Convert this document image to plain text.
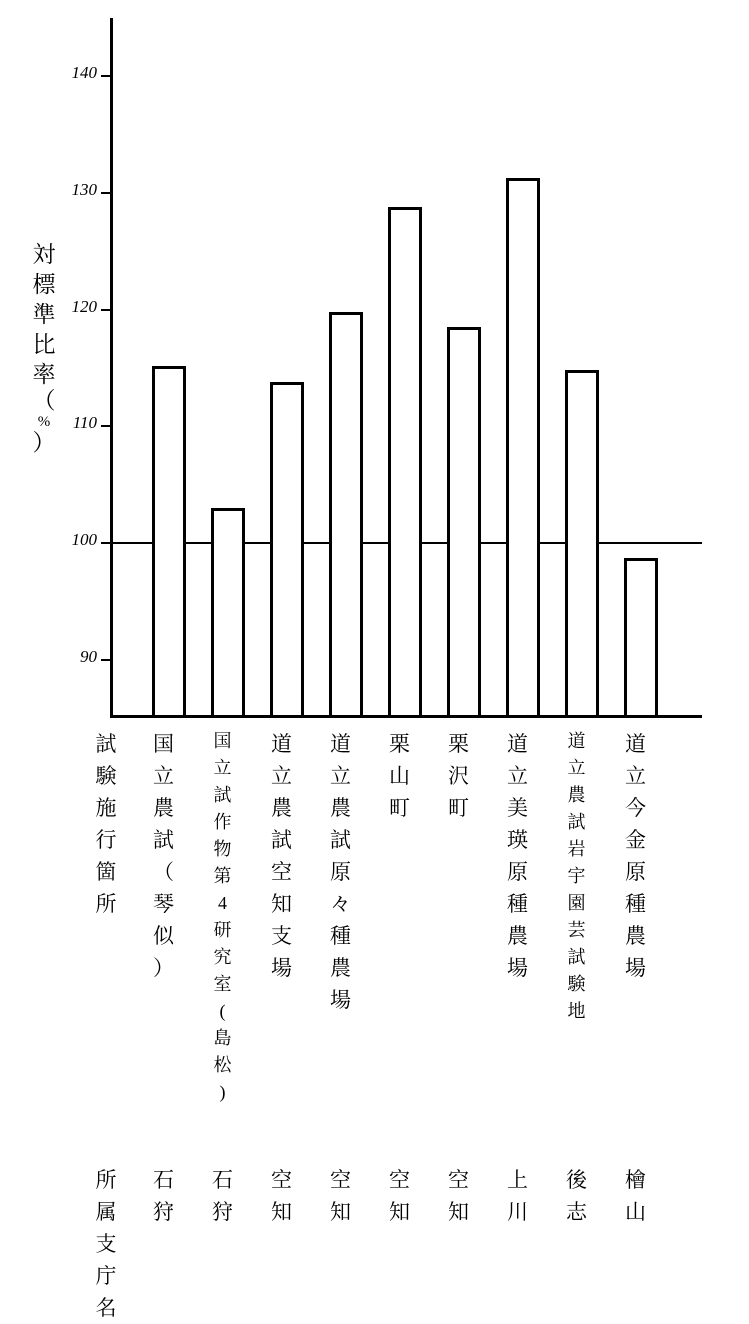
対
標
準
比
率
（
%
）
90
100
110
120
130
140
試
験
施
行
箇
所
所
属
支
庁
名
国
立
農
試
（
琴
似
）
石
狩
国
立
試
作
物
第
4
研
究
室
(
島
松
)
石
狩
道
立
農
試
空
知
支
場
空
知
道
立
農
試
原
々
種
農
場
空
知
栗
山
町
空
知
栗
沢
町
空
知
道
立
美
瑛
原
種
農
場
上
川
道
立
農
試
岩
宇
園
芸
試
験
地
後
志
道
立
今
金
原
種
農
場
檜
山
